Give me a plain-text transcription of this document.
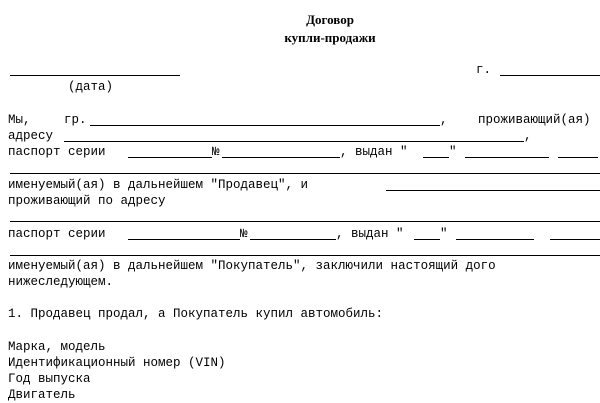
Договор
купли-продажи
г.
(дата)
Мы,	гр.	, проживающий(ая)
адресу	,
паспорт серии	№	, выдан "	"
именуемый(ая) в дальнейшем "Продавец", и
проживающий по адресу
паспорт серии	№	, выдан "	"
именуемый(ая) в дальнейшем "Покупатель", заключили настоящий дого
нижеследующем.
1. Продавец продал, а Покупатель купил автомобиль:
Марка, модель
Идентификационный номер (VIN)
Год выпуска
Двигатель
